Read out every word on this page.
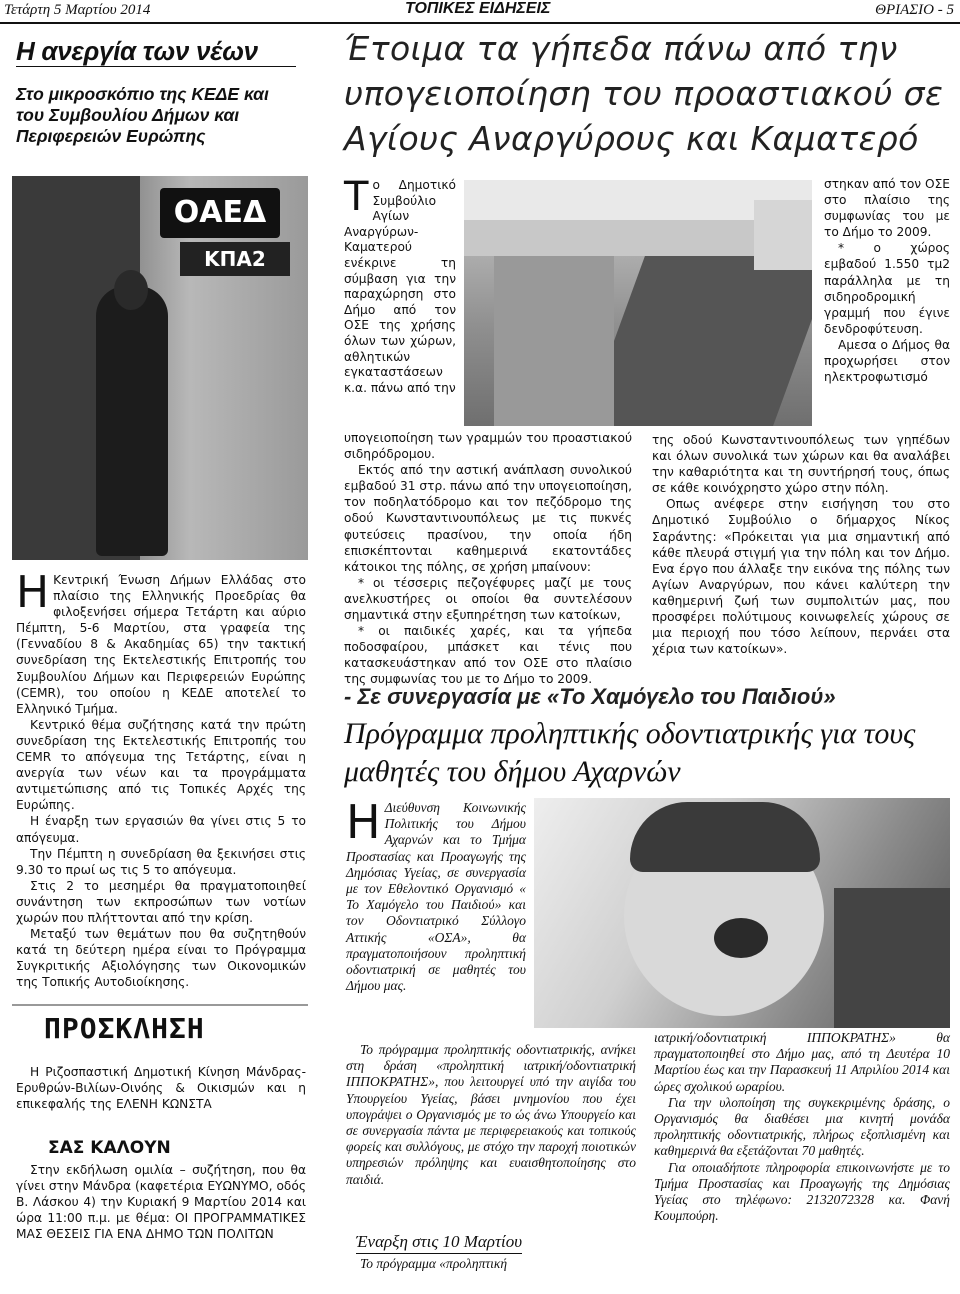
Τετάρτη 5 Μαρτίου 2014	ΤΟΠΙΚΕΣ ΕΙΔΗΣΕΙΣ	ΘΡΙΑΣΙΟ - 5
Η ανεργία των νέων
Στο μικροσκόπιο της ΚΕΔΕ και του Συμβουλίου Δήμων και Περιφερειών Ευρώπης
ΟΑΕΔ
ΚΠΑ2

Η Κεντρική Ένωση Δήμων Ελλάδας στο πλαίσιο της Ελληνικής Προεδρίας θα φιλοξενήσει σήμερα Τετάρτη και αύριο Πέμπτη, 5-6 Μαρτίου, στα γραφεία της (Γενναδίου 8 & Ακαδημίας 65) την τακτική συνεδρίαση της Εκτελεστικής Επιτροπής του Συμβουλίου Δήμων και Περιφερειών Ευρώπης (CEMR), του οποίου η ΚΕΔΕ αποτελεί το Ελληνικό Τμήμα.

Κεντρικό θέμα συζήτησης κατά την πρώτη συνεδρίαση της Εκτελεστικής Επιτροπής του CEMR το απόγευμα της Τετάρτης, είναι η ανεργία των νέων και τα προγράμματα αντιμετώπισης από τις Τοπικές Αρχές της Ευρώπης.

Η έναρξη των εργασιών θα γίνει στις 5 το απόγευμα.

Την Πέμπτη η συνεδρίαση θα ξεκινήσει στις 9.30 το πρωί ως τις 5 το απόγευμα.

Στις 2 το μεσημέρι θα πραγματοποιηθεί συνάντηση των εκπροσώπων των νοτίων χωρών που πλήττονται από την κρίση.

Μεταξύ των θεμάτων που θα συζητηθούν κατά τη δεύτερη ημέρα είναι το Πρόγραμμα Συγκριτικής Αξιολόγησης των Οικονομικών της Τοπικής Αυτοδιοίκησης.

ΠΡΟΣΚΛΗΣΗ
Η Ριζοσπαστική Δημοτική Κίνηση Μάνδρας-Ερυθρών-Βιλίων-Οινόης & Οικισμών και η επικεφαλής της ΕΛΕΝΗ ΚΩΝΣΤΑ
ΣΑΣ ΚΑΛΟΥΝ
Στην εκδήλωση ομιλία – συζήτηση, που θα γίνει στην Μάνδρα (καφετέρια ΕΥΩΝΥΜΟ, οδός Β. Λάσκου 4) την Κυριακή 9 Μαρτίου 2014 και ώρα 11:00 π.μ. με θέμα: ΟΙ ΠΡΟΓΡΑΜΜΑΤΙΚΕΣ ΜΑΣ ΘΕΣΕΙΣ ΓΙΑ ΕΝΑ ΔΗΜΟ ΤΩΝ ΠΟΛΙΤΩΝ
Έτοιμα τα γήπεδα πάνω από την υπογειοποίηση του προαστιακού σε Αγίους Αναργύρους και Καματερό

Το Δημοτικό Συμβούλιο Αγίων Αναργύρων-Καματερού ενέκρινε τη σύμβαση για την παραχώρηση στο Δήμο από τον ΟΣΕ της χρήσης όλων των χώρων, αθλητικών εγκαταστάσεων κ.α. πάνω από την

υπογειοποίηση των γραμμών του προαστιακού σιδηρόδρομου.

Εκτός από την αστική ανάπλαση συνολικού εμβαδού 31 στρ. πάνω από την υπογειοποίηση, τον ποδηλατόδρομο και τον πεζόδρομο της οδού Κωνσταντινουπόλεως με τις πυκνές φυτεύσεις πρασίνου, την οποία ήδη επισκέπτονται καθημερινά εκατοντάδες κάτοικοι της πόλης, σε χρήση μπαίνουν:

* οι τέσσερις πεζογέφυρες μαζί με τους ανελκυστήρες οι οποίοι θα συντελέσουν σημαντικά στην εξυπηρέτηση των κατοίκων,

* οι παιδικές χαρές, και τα γήπεδα ποδοσφαίρου, μπάσκετ και τένις που κατασκευάστηκαν από τον ΟΣΕ στο πλαίσιο της συμφωνίας του με το Δήμο το 2009.

στηκαν από τον ΟΣΕ στο πλαίσιο της συμφωνίας του με το Δήμο το 2009.

* ο χώρος εμβαδού 1.550 τμ2 παράλληλα με τη σιδηροδρομική γραμμή που έγινε δενδροφύτευση.

Αμεσα ο Δήμος θα προχωρήσει στον ηλεκτροφωτισμό

της οδού Κωνσταντινουπόλεως των γηπέδων και όλων συνολικά των χώρων και θα αναλάβει την καθαριότητα και τη συντήρησή τους, όπως σε κάθε κοινόχρηστο χώρο στην πόλη.

Οπως ανέφερε στην εισήγηση του στο Δημοτικό Συμβούλιο ο δήμαρχος Νίκος Σαράντης: «Πρόκειται για μια σημαντική από κάθε πλευρά στιγμή για την πόλη και τον Δήμο. Ενα έργο που άλλαξε την εικόνα της πόλης των Αγίων Αναργύρων, που κάνει καλύτερη την καθημερινή ζωή των συμπολιτών μας, που προσφέρει πολύτιμους κοινωφελείς χώρους σε μια περιοχή που τόσο λείπουν, περνάει στα χέρια των κατοίκων».

- Σε συνεργασία με «Το Χαμόγελο του Παιδιού»
Πρόγραμμα προληπτικής οδοντιατρικής για τους μαθητές του δήμου Αχαρνών

Η Διεύθυνση Κοινωνικής Πολιτικής του Δήμου Αχαρνών και το Τμήμα Προστασίας και Προαγωγής της Δημόσιας Υγείας, σε συνεργασία με τον Εθελοντικό Οργανισμό « Το Χαμόγελο του Παιδιού» και τον Οδοντιατρικό Σύλλογο Αττικής «ΟΣΑ», θα πραγματοποιήσουν προληπτική οδοντιατρική σε μαθητές του Δήμου μας.

Το πρόγραμμα προληπτικής οδοντιατρικής, ανήκει στη δράση «προληπτική ιατρική/οδοντιατρική ΙΠΠΟΚΡΑΤΗΣ», που λειτουργεί υπό την αιγίδα του Υπουργείου Υγείας, βάσει μνημονίου που έχει υπογράψει ο Οργανισμός με το ώς άνω Υπουργείο και σε συνεργασία πάντα με περιφερειακούς και τοπικούς φορείς και συλλόγους, με στόχο την παροχή ποιοτικών υπηρεσιών πρόληψης και ευαισθητοποίησης στο παιδιά.

Έναρξη στις 10 Μαρτίου
Το πρόγραμμα «προληπτική

ιατρική/οδοντιατρική ΙΠΠΟΚΡΑΤΗΣ» θα πραγματοποιηθεί στο Δήμο μας, από τη Δευτέρα 10 Μαρτίου έως και την Παρασκευή 11 Απριλίου 2014 και ώρες σχολικού ωραρίου.

Για την υλοποίηση της συγκεκριμένης δράσης, ο Οργανισμός θα διαθέσει μια κινητή μονάδα προληπτικής οδοντιατρικής, πλήρως εξοπλισμένη και καθημερινά θα εξετάζονται 70 μαθητές.

Για οποιαδήποτε πληροφορία επικοινωνήστε με το Τμήμα Προστασίας και Προαγωγής της Δημόσιας Υγείας στο τηλέφωνο: 2132072328 κα. Φανή Κουμπούρη.
